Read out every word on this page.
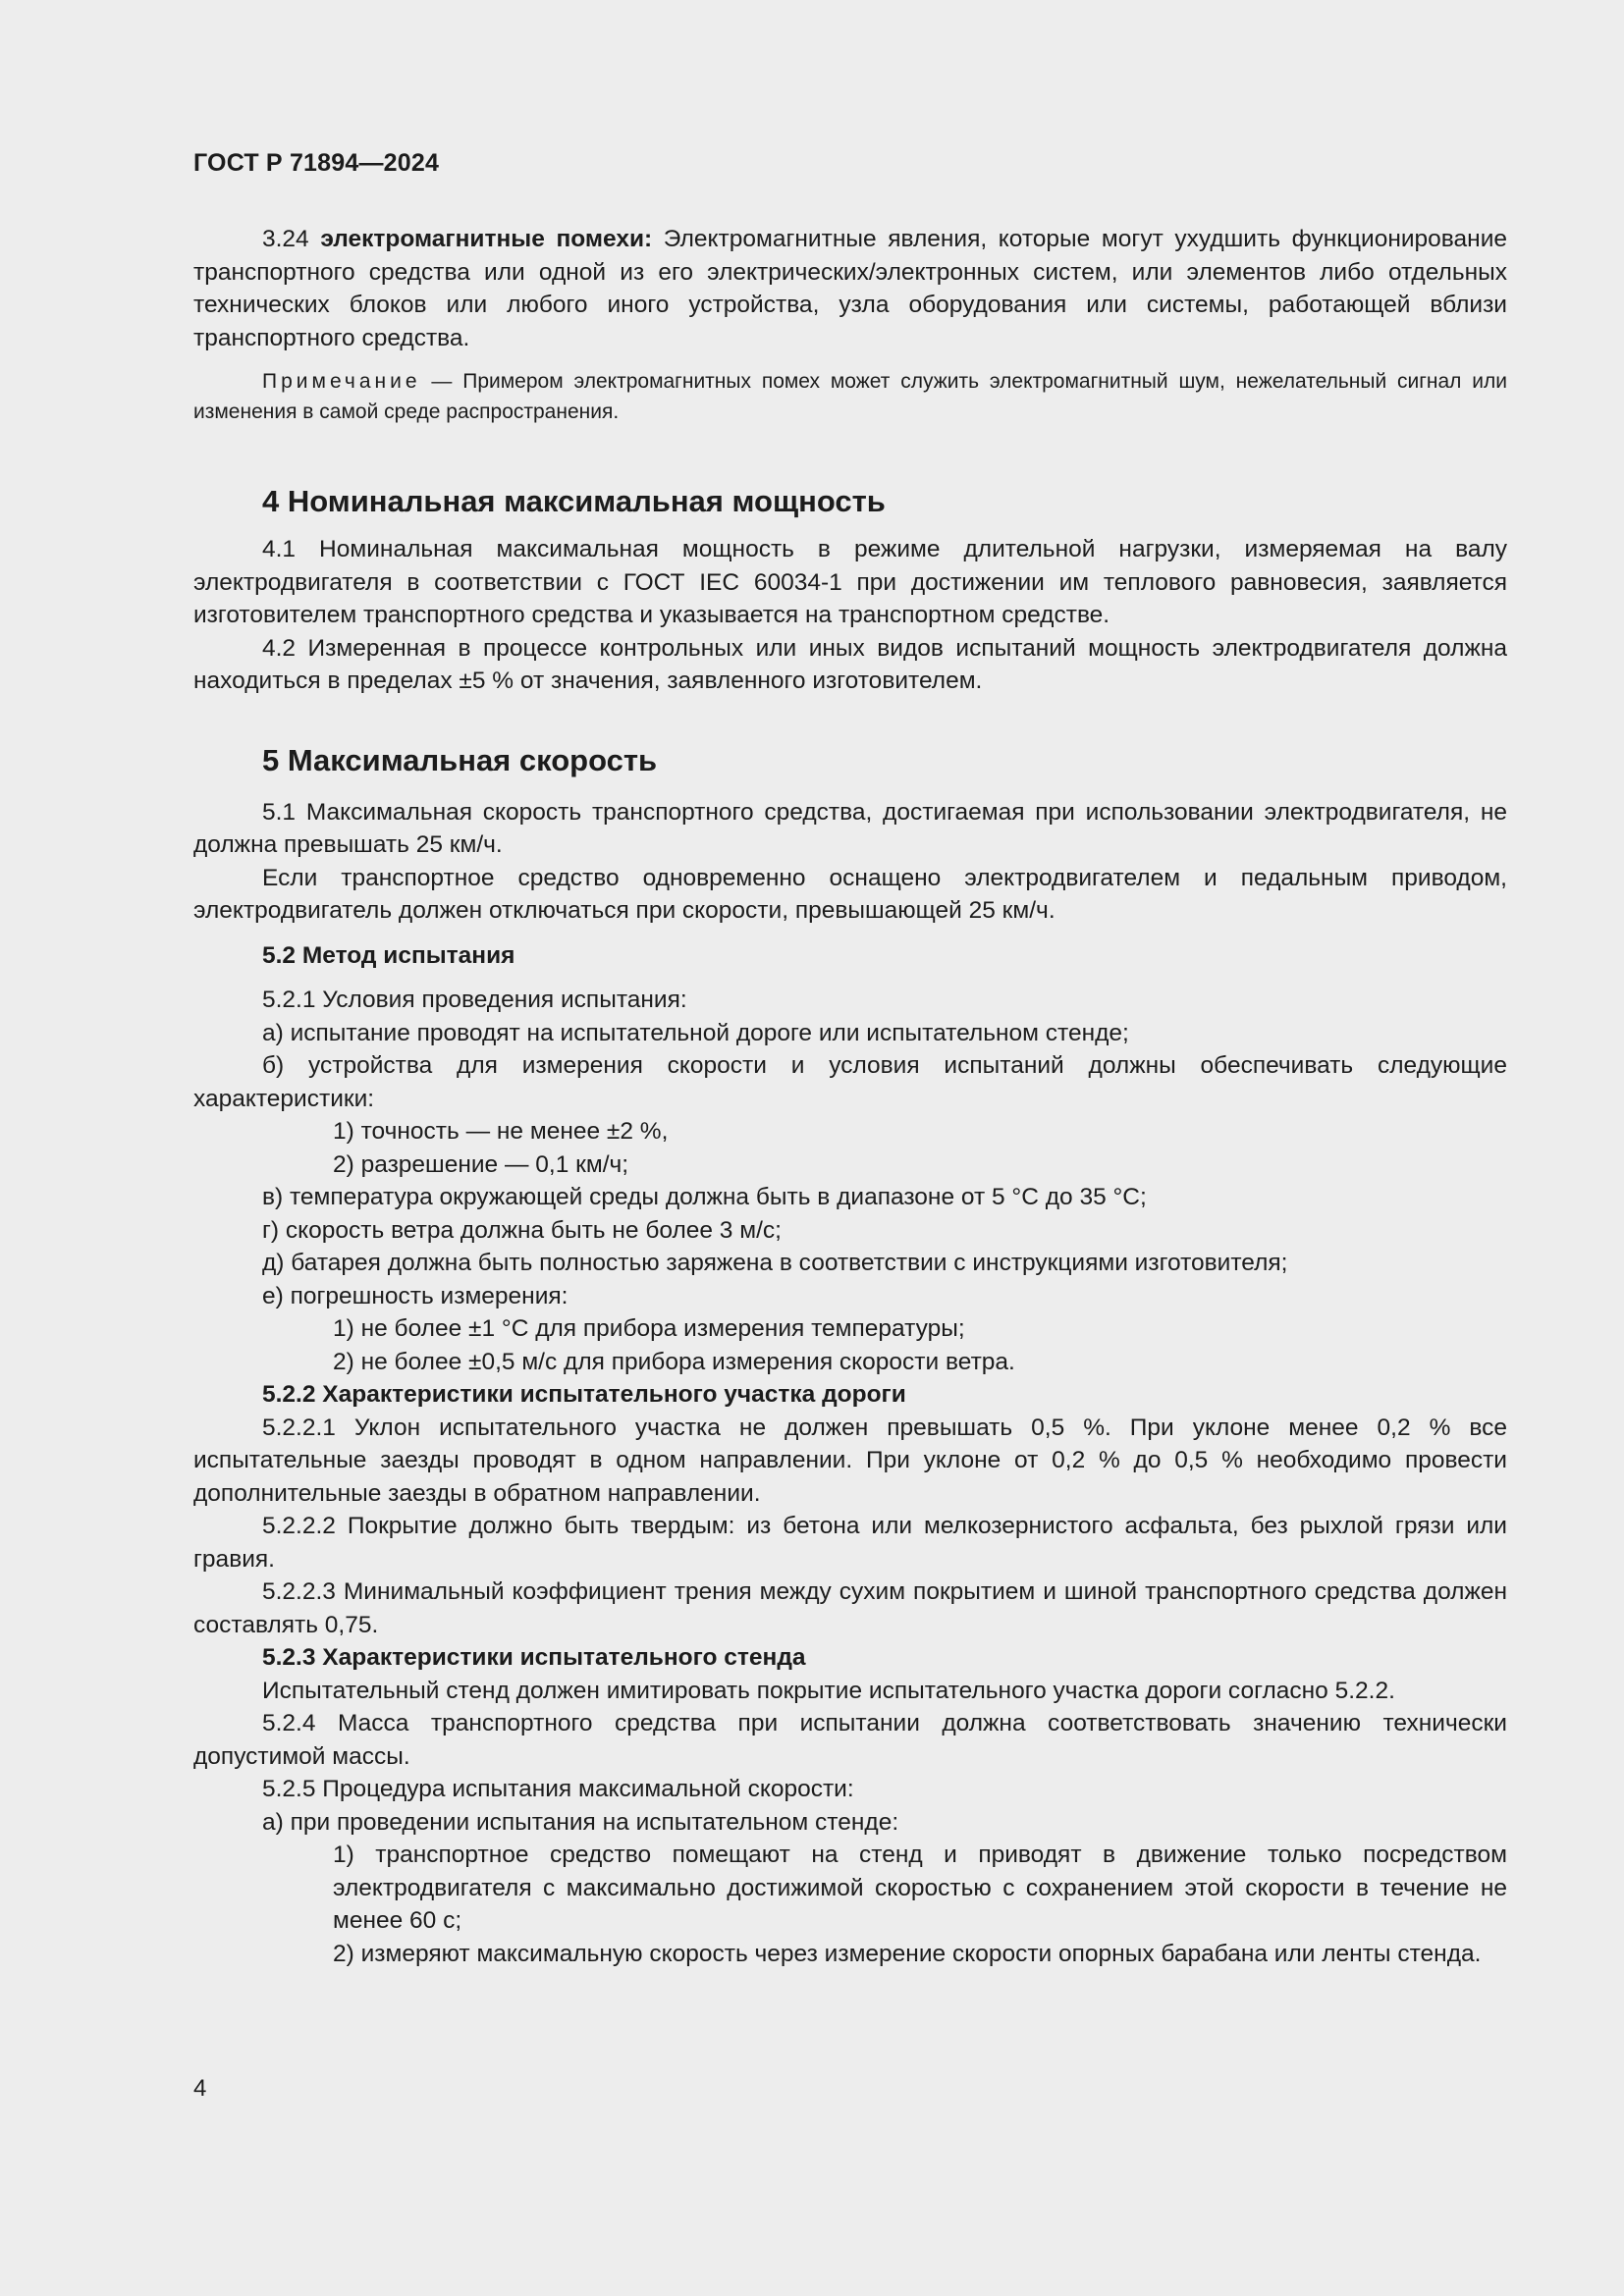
ГОСТ Р 71894—2024

3.24 электромагнитные помехи: Электромагнитные явления, которые могут ухудшить функционирование транспортного средства или одной из его электрических/электронных систем, или элементов либо отдельных технических блоков или любого иного устройства, узла оборудования или системы, работающей вблизи транспортного средства.

Примечание — Примером электромагнитных помех может служить электромагнитный шум, нежелательный сигнал или изменения в самой среде распространения.

4 Номинальная максимальная мощность

4.1 Номинальная максимальная мощность в режиме длительной нагрузки, измеряемая на валу электродвигателя в соответствии с ГОСТ IEC 60034-1 при достижении им теплового равновесия, заявляется изготовителем транспортного средства и указывается на транспортном средстве.

4.2 Измеренная в процессе контрольных или иных видов испытаний мощность электродвигателя должна находиться в пределах ±5 % от значения, заявленного изготовителем.

5 Максимальная скорость

5.1 Максимальная скорость транспортного средства, достигаемая при использовании электродвигателя, не должна превышать 25 км/ч.

Если транспортное средство одновременно оснащено электродвигателем и педальным приводом, электродвигатель должен отключаться при скорости, превышающей 25 км/ч.

5.2 Метод испытания

5.2.1 Условия проведения испытания:

а) испытание проводят на испытательной дороге или испытательном стенде;

б) устройства для измерения скорости и условия испытаний должны обеспечивать следующие характеристики:

1) точность — не менее ±2 %,

2) разрешение — 0,1 км/ч;

в) температура окружающей среды должна быть в диапазоне от 5 °C до 35 °C;

г) скорость ветра должна быть не более 3 м/с;

д) батарея должна быть полностью заряжена в соответствии с инструкциями изготовителя;

е) погрешность измерения:

1) не более ±1 °C для прибора измерения температуры;

2) не более ±0,5 м/с для прибора измерения скорости ветра.

5.2.2 Характеристики испытательного участка дороги

5.2.2.1 Уклон испытательного участка не должен превышать 0,5 %. При уклоне менее 0,2 % все испытательные заезды проводят в одном направлении. При уклоне от 0,2 % до 0,5 % необходимо провести дополнительные заезды в обратном направлении.

5.2.2.2 Покрытие должно быть твердым: из бетона или мелкозернистого асфальта, без рыхлой грязи или гравия.

5.2.2.3 Минимальный коэффициент трения между сухим покрытием и шиной транспортного средства должен составлять 0,75.

5.2.3 Характеристики испытательного стенда

Испытательный стенд должен имитировать покрытие испытательного участка дороги согласно 5.2.2.

5.2.4 Масса транспортного средства при испытании должна соответствовать значению технически допустимой массы.

5.2.5 Процедура испытания максимальной скорости:

а) при проведении испытания на испытательном стенде:

1) транспортное средство помещают на стенд и приводят в движение только посредством электродвигателя с максимально достижимой скоростью с сохранением этой скорости в течение не менее 60 с;

2) измеряют максимальную скорость через измерение скорости опорных барабана или ленты стенда.

4
